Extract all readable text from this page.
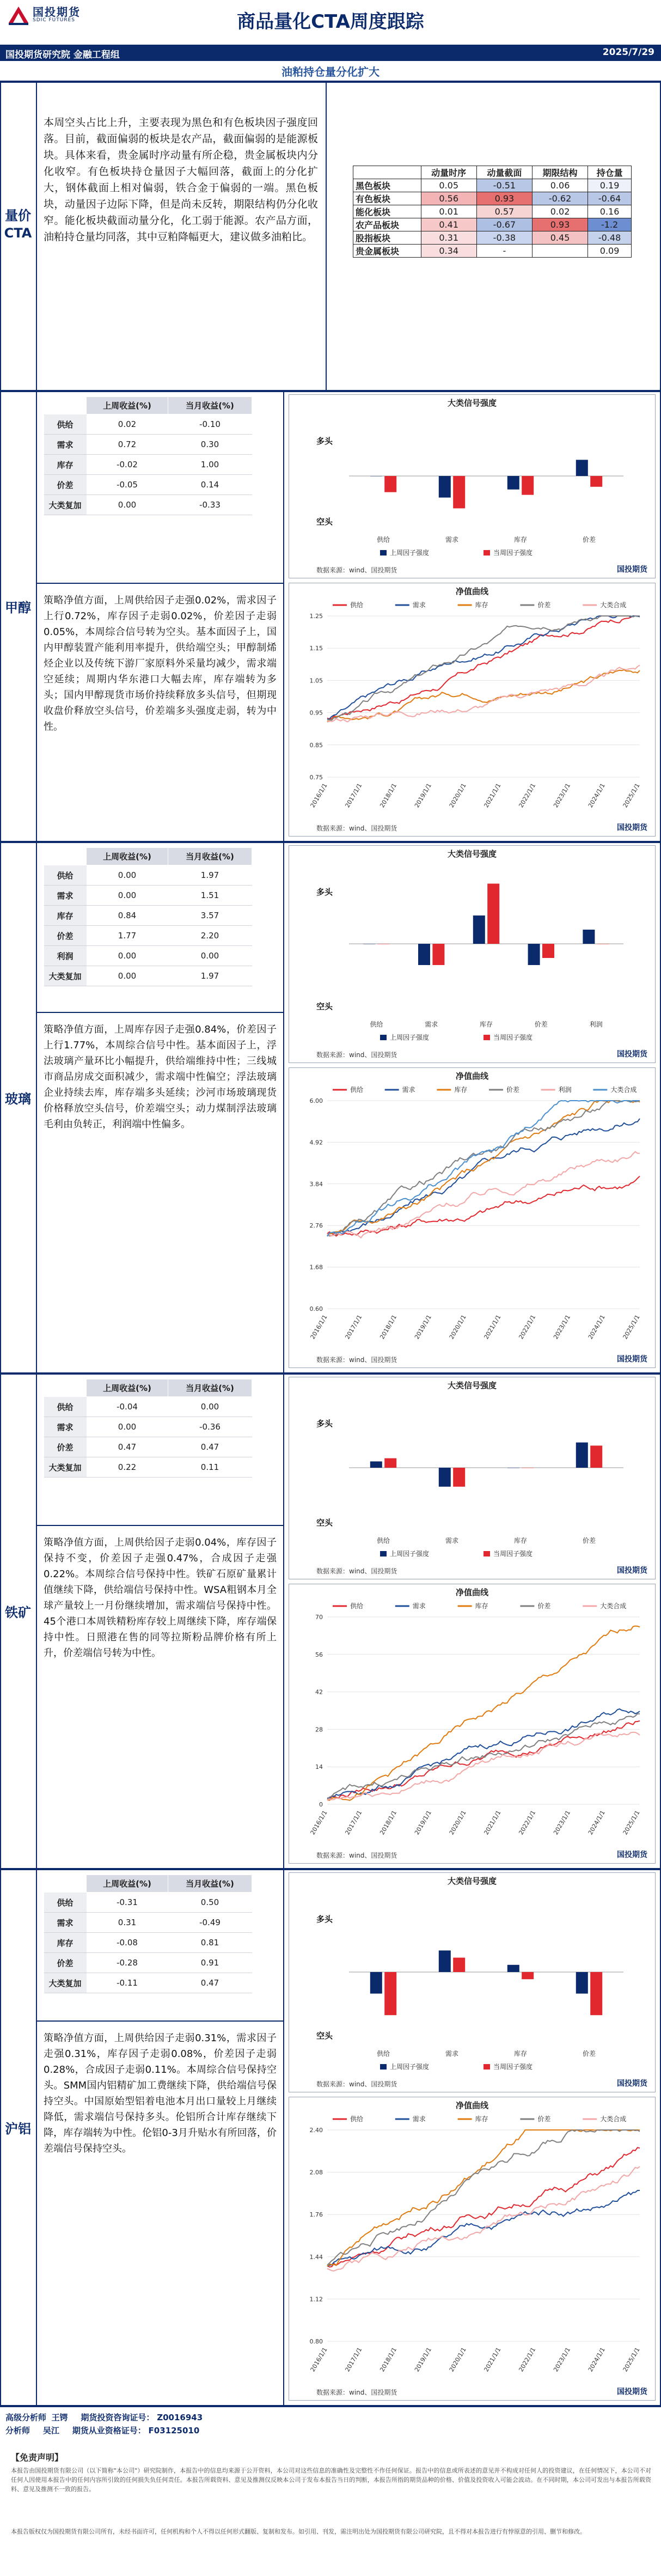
国投期货
SDIC FUTURES	商品量化CTA周度跟踪
国投期货研究院 金融工程组	2025/7/29
油粕持仓量分化扩大
量价CTA
本周空头占比上升，主要表现为黑色和有色板块因子强度回落。目前，截面偏弱的板块是农产品，截面偏弱的是能源板块。具体来看，贵金属时序动量有所企稳，贵金属板块内分化收窄。有色板块持仓量因子大幅回落，截面上的分化扩大，钢体截面上相对偏弱，铁合金于偏弱的一端。黑色板块，动量因子边际下降，但是尚未反转，期限结构仍分化收窄。能化板块截面动量分化，化工弱于能源。农产品方面，油粕持仓量均同落，其中豆粕降幅更大，建议做多油粕比。
	动量时序	动量截面	期限结构	持仓量
黑色板块	0.05	-0.51	0.06	0.19
有色板块	0.56	0.93	-0.62	-0.64
能化板块	0.01	0.57	0.02	0.16
农产品板块	0.41	-0.67	0.93	-1.2
股指板块	0.31	-0.38	0.45	-0.48
贵金属板块	0.34	-		0.09
甲醇
	上周收益(%)	当月收益(%)
供给	0.02	-0.10
需求	0.72	0.30
库存	-0.02	1.00
价差	-0.05	0.14
大类复加	0.00	-0.33
策略净值方面，上周供给因子走强0.02%，需求因子上行0.72%，库存因子走弱0.02%，价差因子走弱0.05%，本周综合信号转为空头。基本面因子上，国内甲醇装置产能利用率提升，供给端空头；甲醇制烯烃企业以及传统下游厂家原料外采量均减少，需求端空延续；周期内华东港口大幅去库，库存端转为多头；国内甲醇现货市场价持续释放多头信号，但期现收盘价释放空头信号，价差端多头强度走弱，转为中性。
大类信号强度
多头
空头
供给	需求	库存	价差
上周因子强度	当周因子强度
数据来源：wind、国投期货	国投期货
净值曲线
供给	需求	库存	价差	大类合成
0.75
0.85
0.95
1.05
1.15
1.25
2016/1/1	2017/1/1	2018/1/1	2019/1/1	2020/1/1	2021/1/1	2022/1/1	2023/1/1	2024/1/1	2025/1/1
数据来源：wind、国投期货	国投期货
玻璃
	上周收益(%)	当月收益(%)
供给	0.00	1.97
需求	0.00	1.51
库存	0.84	3.57
价差	1.77	2.20
利润	0.00	0.00
大类复加	0.00	1.97
策略净值方面，上周库存因子走强0.84%，价差因子上行1.77%，本周综合信号中性。基本面因子上，浮法玻璃产量环比小幅提升，供给端维持中性；三线城市商品房成交面积减少，需求端中性偏空；浮法玻璃企业持续去库，库存端多头延续；沙河市场玻璃现货价格释放空头信号，价差端空头；动力煤制浮法玻璃毛利由负转正，利润端中性偏多。
大类信号强度
多头
空头
供给	需求	库存	价差	利润
上周因子强度	当周因子强度
数据来源：wind、国投期货	国投期货
净值曲线
供给	需求	库存	价差	利润	大类合成
0.60
1.68
2.76
3.84
4.92
6.00
2016/1/1	2017/1/1	2018/1/1	2019/1/1	2020/1/1	2021/1/1	2022/1/1	2023/1/1	2024/1/1	2025/1/1
数据来源：wind、国投期货	国投期货
铁矿
	上周收益(%)	当月收益(%)
供给	-0.04	0.00
需求	0.00	-0.36
价差	0.47	0.47
大类复加	0.22	0.11
策略净值方面，上周供给因子走弱0.04%，库存因子保持不变，价差因子走强0.47%，合成因子走强0.22%。本周综合信号保持中性。铁矿石原矿量累计值继续下降，供给端信号保持中性。WSA粗钢本月全球产量较上一月份继续增加，需求端信号保持中性。45个港口本周铁精粉库存较上周继续下降，库存端保持中性。日照港在售的同等拉斯粉品牌价格有所上升，价差端信号转为中性。
大类信号强度
多头
空头
供给	需求	库存	价差
上周因子强度	当周因子强度
数据来源：wind、国投期货	国投期货
净值曲线
供给	需求	库存	价差	大类合成
0
14
28
42
56
70
2016/1/1	2017/1/1	2018/1/1	2019/1/1	2020/1/1	2021/1/1	2022/1/1	2023/1/1	2024/1/1	2025/1/1
数据来源：wind、国投期货	国投期货
沪铝
	上周收益(%)	当月收益(%)
供给	-0.31	0.50
需求	0.31	-0.49
库存	-0.08	0.81
价差	-0.28	0.91
大类复加	-0.11	0.47
策略净值方面，上周供给因子走弱0.31%，需求因子走强0.31%，库存因子走弱0.08%，价差因子走弱0.28%，合成因子走弱0.11%。本周综合信号保持空头。SMM国内铝精矿加工费继续下降，供给端信号保持空头。中国原始型铝着电池本月出口量较上月继续降低，需求端信号保持多头。伦铝所合计库存继续下降，库存端转为中性。伦铝0-3月升贴水有所回落，价差端信号保持空头。
大类信号强度
多头
空头
供给	需求	库存	价差
上周因子强度	当周因子强度
数据来源：wind、国投期货	国投期货
净值曲线
供给	需求	库存	价差	大类合成
0.80
1.12
1.44
1.76
2.08
2.40
2016/1/1	2017/1/1	2018/1/1	2019/1/1	2020/1/1	2021/1/1	2022/1/1	2023/1/1	2024/1/1	2025/1/1
数据来源：wind、国投期货	国投期货
高级分析师 王锷 期货投资咨询证号： Z0016943
分析师 吴江 期货从业资格证号： F03125010
【免责声明】
本报告由国投期货有限公司（以下简称"本公司"）研究院制作，本报告中的信息均来源于公开资料，本公司对这些信息的准确性及完整性不作任何保证。报告中的信息或所表述的意见并不构成对任何人的投资建议，在任何情况下，本公司不对任何人因使用本报告中的任何内容所引致的任何损失负任何责任。本报告所载资料、意见及推测仅反映本公司于发布本报告当日的判断，本报告所指的期货品种的价格、价值及投资收入可能会波动。在不同时期，本公司可发出与本报告所载资料、意见及推测不一致的报告。
本报告版权仅为国投期货有限公司所有，未经书面许可，任何机构和个人不得以任何形式翻版、复制和发布。如引用、刊发，需注明出处为国投期货有限公司研究院，且不得对本报告进行有悖原意的引用、删节和修改。
